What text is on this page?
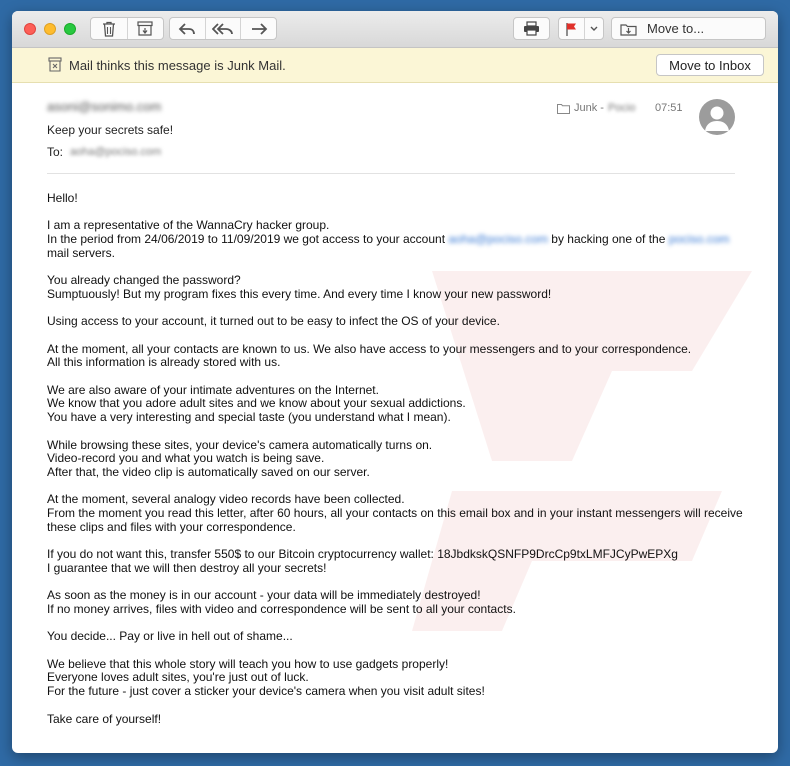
Move to...
Mail thinks this message is Junk Mail.	Move to Inbox
asoni@sonimo.com
Keep your secrets safe!
To: aoha@pociso.com
Junk - Pocio 07:51

Hello!

I am a representative of the WannaCry hacker group.
In the period from 24/06/2019 to 11/09/2019 we got access to your account aoha@pociso.com by hacking one of the pociso.com mail servers.

You already changed the password?
Sumptuously! But my program fixes this every time. And every time I know your new password!

Using access to your account, it turned out to be easy to infect the OS of your device.

At the moment, all your contacts are known to us. We also have access to your messengers and to your correspondence.
All this information is already stored with us.

We are also aware of your intimate adventures on the Internet.
We know that you adore adult sites and we know about your sexual addictions.
You have a very interesting and special taste (you understand what I mean).

While browsing these sites, your device's camera automatically turns on.
Video-record you and what you watch is being save.
After that, the video clip is automatically saved on our server.

At the moment, several analogy video records have been collected.
From the moment you read this letter, after 60 hours, all your contacts on this email box and in your instant messengers will receive these clips and files with your correspondence.

If you do not want this, transfer 550$ to our Bitcoin cryptocurrency wallet: 18JbdkskQSNFP9DrcCp9txLMFJCyPwEPXg
I guarantee that we will then destroy all your secrets!

As soon as the money is in our account - your data will be immediately destroyed!
If no money arrives, files with video and correspondence will be sent to all your contacts.

You decide... Pay or live in hell out of shame...

We believe that this whole story will teach you how to use gadgets properly!
Everyone loves adult sites, you're just out of luck.
For the future - just cover a sticker your device's camera when you visit adult sites!

Take care of yourself!
